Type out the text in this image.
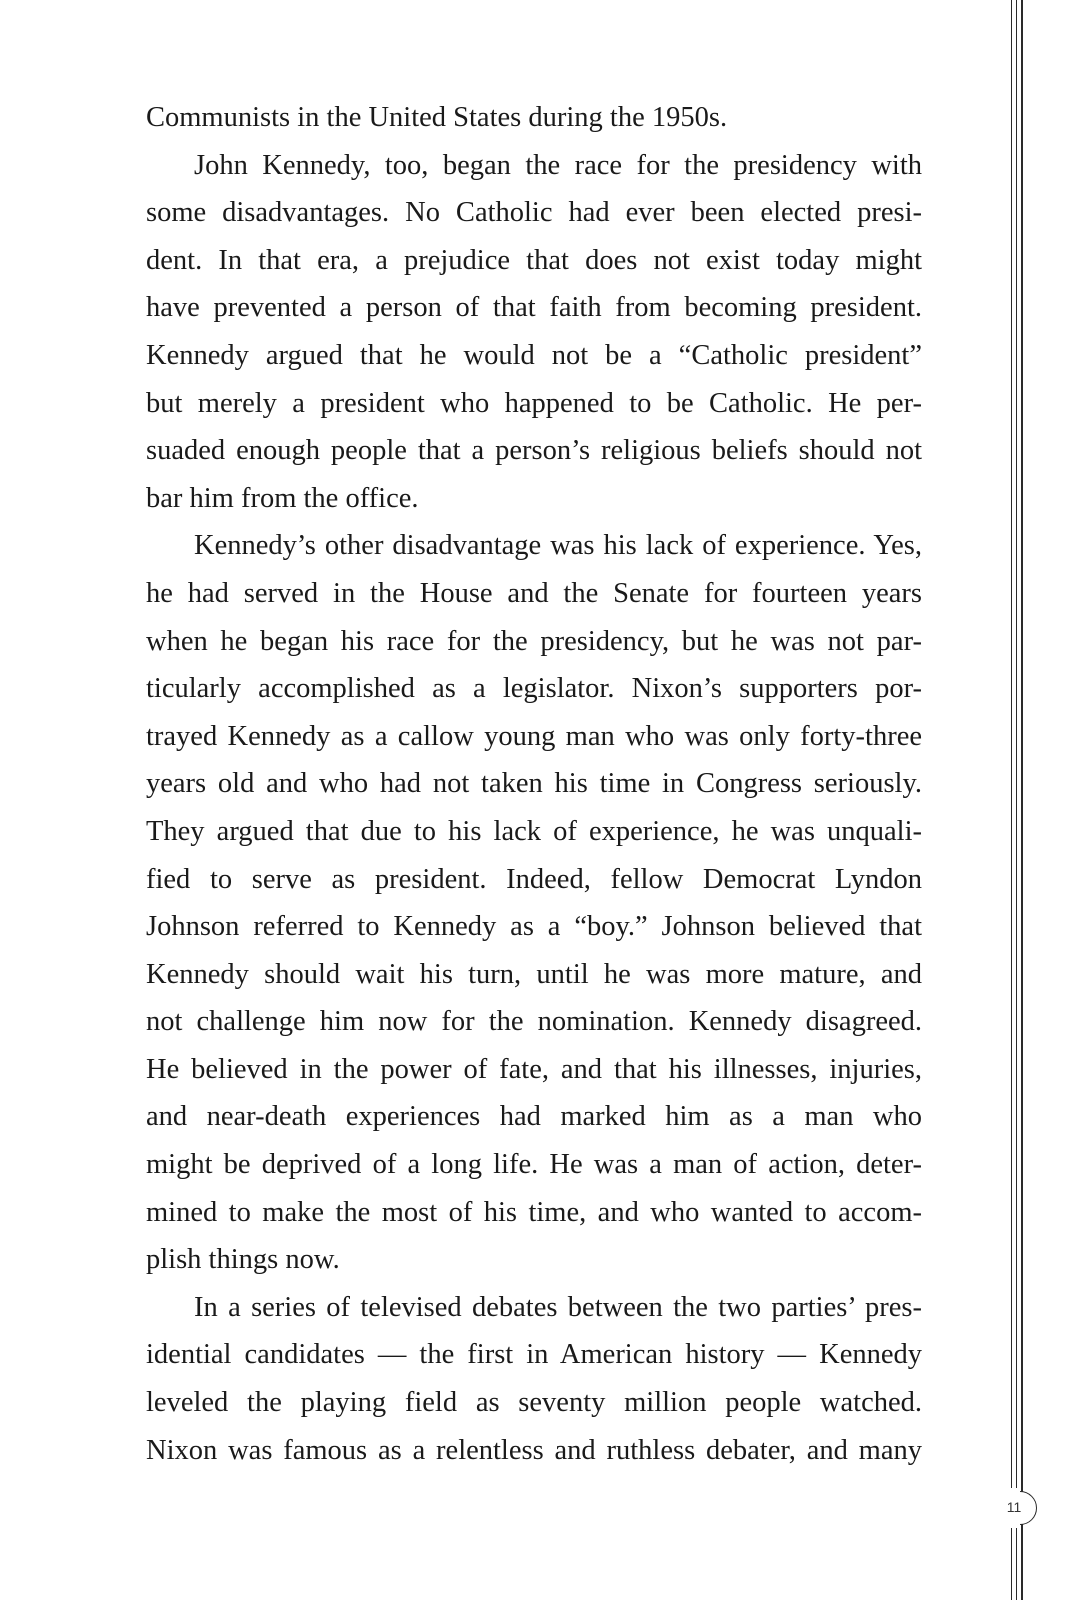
Communists in the United States during the 1950s.
John Kennedy, too, began the race for the presidency with
some disadvantages. No Catholic had ever been elected presi-
dent. In that era, a prejudice that does not exist today might
have prevented a person of that faith from becoming president.
Kennedy argued that he would not be a “Catholic president”
but merely a president who happened to be Catholic. He per-
suaded enough people that a person’s religious beliefs should not
bar him from the office.
Kennedy’s other disadvantage was his lack of experience. Yes,
he had served in the House and the Senate for fourteen years
when he began his race for the presidency, but he was not par-
ticularly accomplished as a legislator. Nixon’s supporters por-
trayed Kennedy as a callow young man who was only forty-three
years old and who had not taken his time in Congress seriously.
They argued that due to his lack of experience, he was unquali-
fied to serve as president. Indeed, fellow Democrat Lyndon
Johnson referred to Kennedy as a “boy.” Johnson believed that
Kennedy should wait his turn, until he was more mature, and
not challenge him now for the nomination. Kennedy disagreed.
He believed in the power of fate, and that his illnesses, injuries,
and near-death experiences had marked him as a man who
might be deprived of a long life. He was a man of action, deter-
mined to make the most of his time, and who wanted to accom-
plish things now.
In a series of televised debates between the two parties’ pres-
idential candidates — the first in American history — Kennedy
leveled the playing field as seventy million people watched.
Nixon was famous as a relentless and ruthless debater, and many
11
